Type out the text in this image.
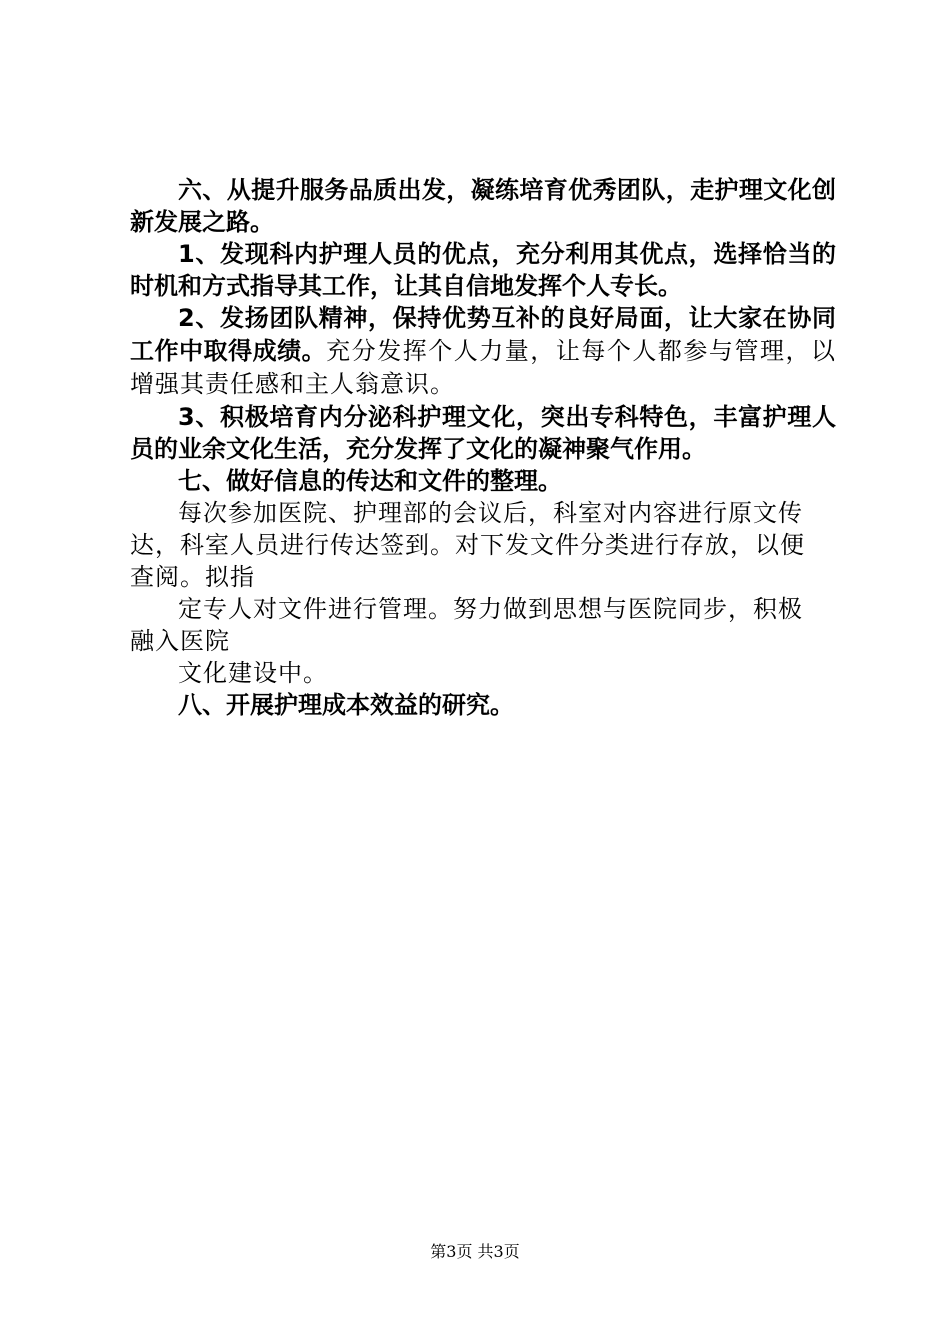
六、从提升服务品质出发，凝练培育优秀团队，走护理文化创新发展之路。

1、发现科内护理人员的优点，充分利用其优点，选择恰当的时机和方式指导其工作，让其自信地发挥个人专长。

2、发扬团队精神，保持优势互补的良好局面，让大家在协同工作中取得成绩。充分发挥个人力量，让每个人都参与管理，以增强其责任感和主人翁意识。

3、积极培育内分泌科护理文化，突出专科特色，丰富护理人员的业余文化生活，充分发挥了文化的凝神聚气作用。

七、做好信息的传达和文件的整理。

每次参加医院、护理部的会议后，科室对内容进行原文传
达，科室人员进行传达签到。对下发文件分类进行存放，以便
查阅。拟指

定专人对文件进行管理。努力做到思想与医院同步，积极
融入医院

文化建设中。

八、开展护理成本效益的研究。

第3页 共3页
